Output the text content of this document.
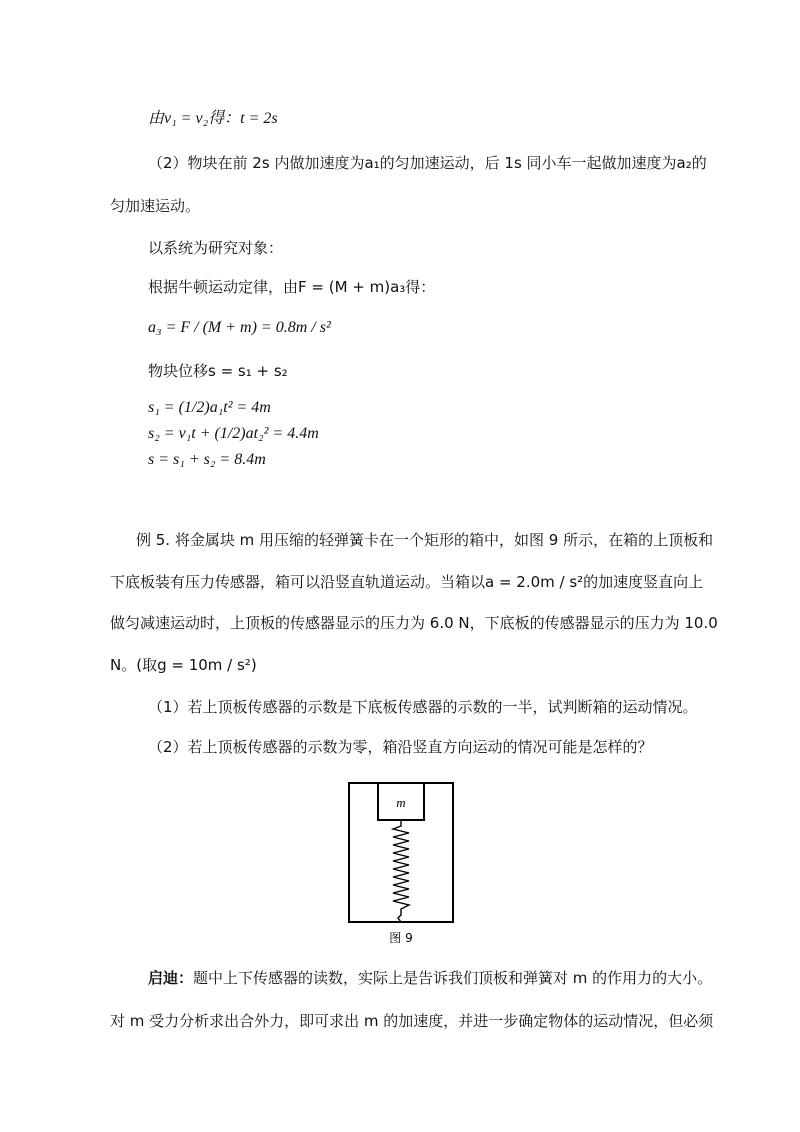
由v₁ = v₂得：t = 2s
（2）物块在前 2s 内做加速度为a₁的匀加速运动，后 1s 同小车一起做加速度为a₂的
匀加速运动。
以系统为研究对象：
根据牛顿运动定律，由F = (M + m)a₃得：
a₃ = F / (M + m) = 0.8m / s²
物块位移s = s₁ + s₂
s₁ = (1/2)a₁t² = 4m
s₂ = v₁t + (1/2)at₂² = 4.4m
s = s₁ + s₂ = 8.4m
例 5. 将金属块 m 用压缩的轻弹簧卡在一个矩形的箱中，如图 9 所示，在箱的上顶板和
下底板装有压力传感器，箱可以沿竖直轨道运动。当箱以a = 2.0m / s²的加速度竖直向上
做匀减速运动时，上顶板的传感器显示的压力为 6.0 N，下底板的传感器显示的压力为 10.0
N。(取g = 10m / s²)
（1）若上顶板传感器的示数是下底板传感器的示数的一半，试判断箱的运动情况。
（2）若上顶板传感器的示数为零，箱沿竖直方向运动的情况可能是怎样的？
m
图 9
启迪：题中上下传感器的读数，实际上是告诉我们顶板和弹簧对 m 的作用力的大小。
对 m 受力分析求出合外力，即可求出 m 的加速度，并进一步确定物体的运动情况，但必须
